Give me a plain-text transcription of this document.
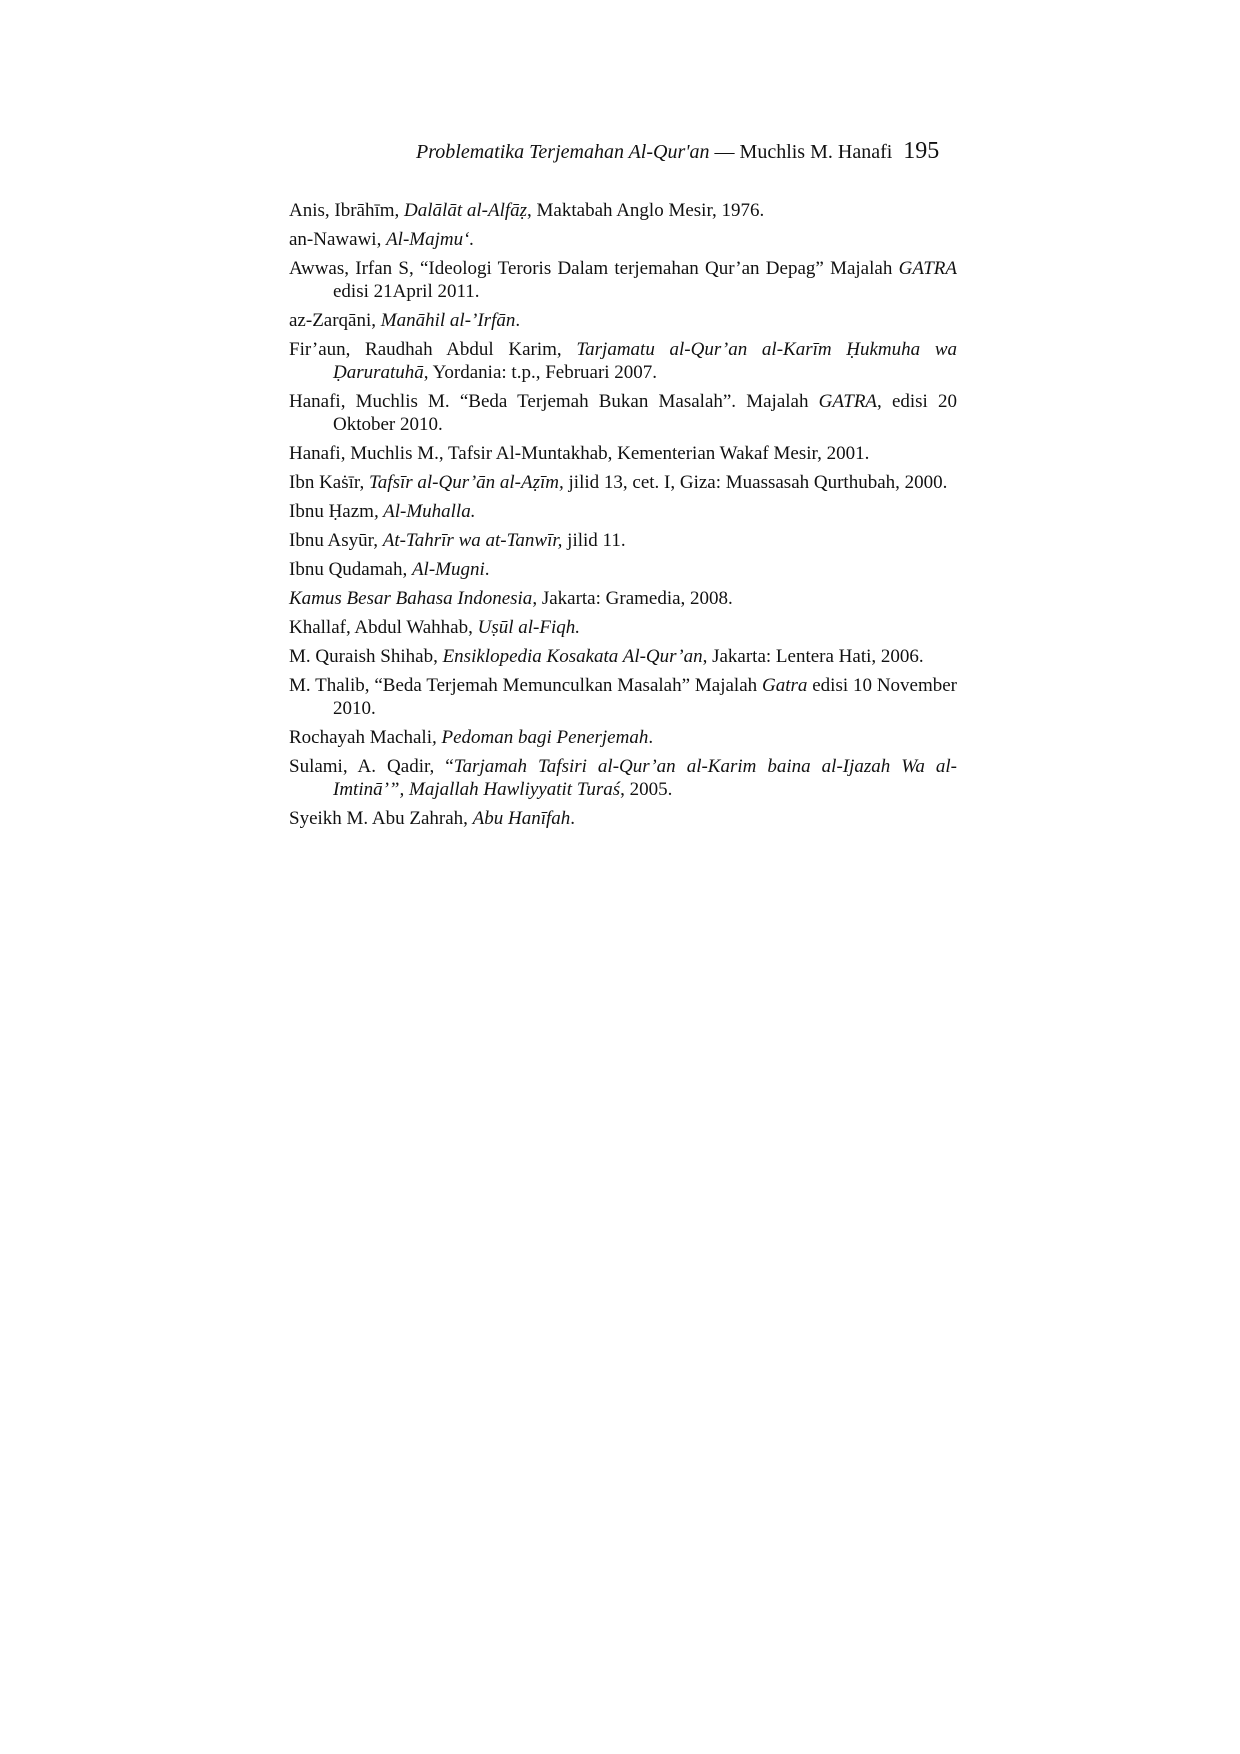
Problematika Terjemahan Al-Qur'an — Muchlis M. Hanafi 195
Anis, Ibrāhīm, Dalālāt al-Alfāẓ, Maktabah Anglo Mesir, 1976.
an-Nawawi, Al-Majmu‘.
Awwas, Irfan S, “Ideologi Teroris Dalam terjemahan Qur’an Depag” Majalah GATRA edisi 21April 2011.
az-Zarqāni, Manāhil al-’Irfān.
Fir’aun, Raudhah Abdul Karim, Tarjamatu al-Qur’an al-Karīm Ḥukmuha wa Ḍaruratuhā, Yordania: t.p., Februari 2007.
Hanafi, Muchlis M. “Beda Terjemah Bukan Masalah”. Majalah GATRA, edisi 20 Oktober 2010.
Hanafi, Muchlis M., Tafsir Al-Muntakhab, Kementerian Wakaf Mesir, 2001.
Ibn Kaṡīr, Tafsīr al-Qur’ān al-Aẓīm, jilid 13, cet. I, Giza: Muassasah Qurthubah, 2000.
Ibnu Ḥazm, Al-Muhalla.
Ibnu Asyūr, At-Tahrīr wa at-Tanwīr, jilid 11.
Ibnu Qudamah, Al-Mugni.
Kamus Besar Bahasa Indonesia, Jakarta: Gramedia, 2008.
Khallaf, Abdul Wahhab, Uṣūl al-Fiqh.
M. Quraish Shihab, Ensiklopedia Kosakata Al-Qur’an, Jakarta: Lentera Hati, 2006.
M. Thalib, “Beda Terjemah Memunculkan Masalah” Majalah Gatra edisi 10 November 2010.
Rochayah Machali, Pedoman bagi Penerjemah.
Sulami, A. Qadir, “Tarjamah Tafsiri al-Qur’an al-Karim baina al-Ijazah Wa al-Imtinā’”, Majallah Hawliyyatit Turaś, 2005.
Syeikh M. Abu Zahrah, Abu Hanīfah.
